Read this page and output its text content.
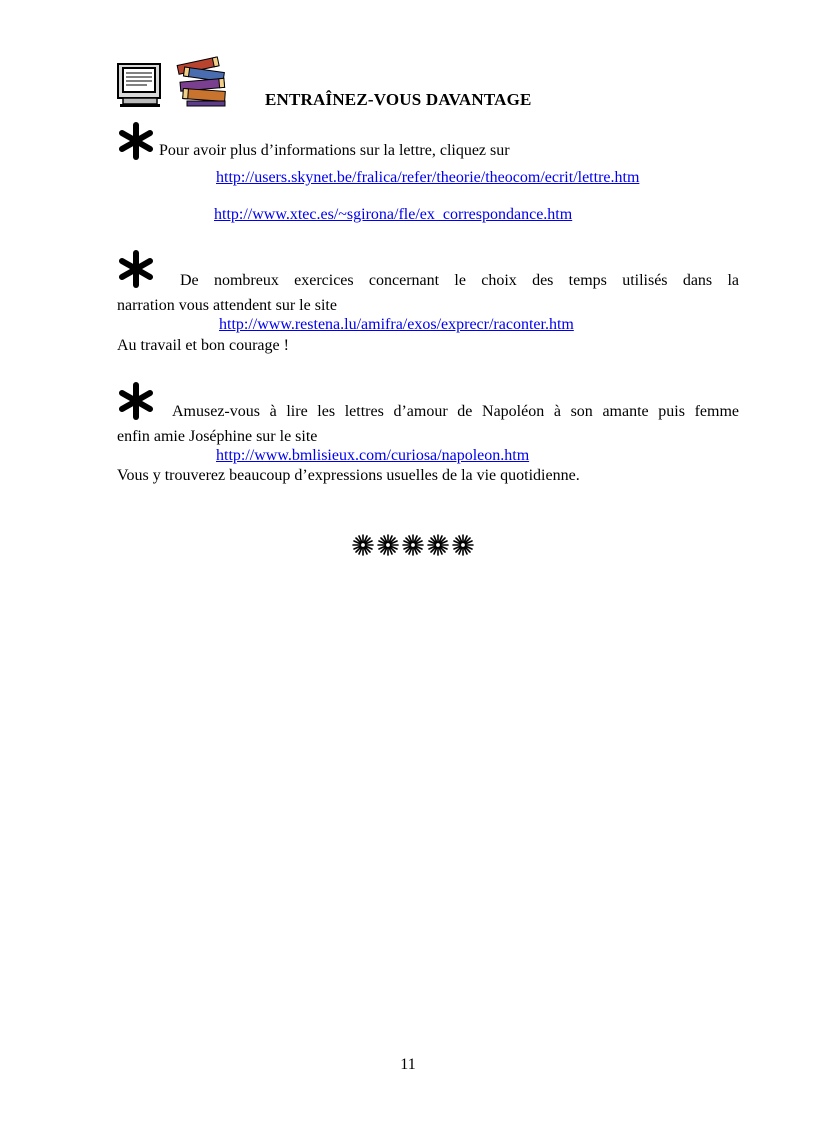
ENTRAÎNEZ-VOUS DAVANTAGE
Pour avoir plus d’informations sur la lettre, cliquez sur
http://users.skynet.be/fralica/refer/theorie/theocom/ecrit/lettre.htm
http://www.xtec.es/~sgirona/fle/ex_correspondance.htm
De nombreux exercices concernant le choix des temps utilisés dans la
narration vous attendent sur le site
http://www.restena.lu/amifra/exos/exprecr/raconter.htm
Au travail et bon courage !
Amusez-vous à lire les lettres d’amour de Napoléon à son amante puis femme
enfin amie Joséphine sur le site
http://www.bmlisieux.com/curiosa/napoleon.htm
Vous y trouverez beaucoup d’expressions usuelles de la vie quotidienne.
11
